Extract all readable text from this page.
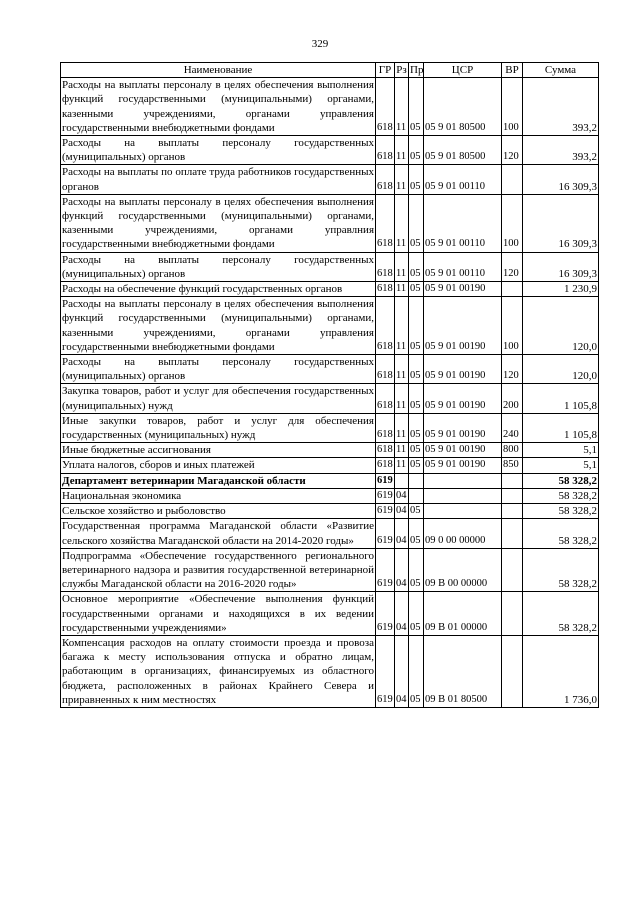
329
Наименование	ГР	Рз	Пр	ЦСР	ВР	Сумма
Расходы на выплаты персоналу в целях обеспечения выполнения функций государственными (муниципальными) органами, казенными учреждениями, органами управления государственными внебюджетными фондами	618	11	05	05 9 01 80500	100	393,2
Расходы на выплаты персоналу государственных (муниципальных) органов	618	11	05	05 9 01 80500	120	393,2
Расходы на выплаты по оплате труда работников государственных органов	618	11	05	05 9 01 00110		16 309,3
Расходы на выплаты персоналу в целях обеспечения выполнения функций государственными (муниципальными) органами, казенными учреждениями, органами управлния государственными внебюджетными фондами	618	11	05	05 9 01 00110	100	16 309,3
Расходы на выплаты персоналу государственных (муниципальных) органов	618	11	05	05 9 01 00110	120	16 309,3
Расходы на обеспечение функций государственных органов	618	11	05	05 9 01 00190		1 230,9
Расходы на выплаты персоналу в целях обеспечения выполнения функций государственными (муниципальными) органами, казенными учреждениями, органами управления государственными внебюджетными фондами	618	11	05	05 9 01 00190	100	120,0
Расходы на выплаты персоналу государственных (муниципальных) органов	618	11	05	05 9 01 00190	120	120,0
Закупка товаров, работ и услуг для обеспечения государственных (муниципальных) нужд	618	11	05	05 9 01 00190	200	1 105,8
Иные закупки товаров, работ и услуг для обеспечения государственных (муниципальных) нужд	618	11	05	05 9 01 00190	240	1 105,8
Иные бюджетные ассигнования	618	11	05	05 9 01 00190	800	5,1
Уплата налогов, сборов и иных платежей	618	11	05	05 9 01 00190	850	5,1
Департамент ветеринарии Магаданской области	619					58 328,2
Национальная экономика	619	04				58 328,2
Сельское хозяйство и рыболовство	619	04	05			58 328,2
Государственная программа Магаданской области «Развитие сельского хозяйства Магаданской области на 2014-2020 годы»	619	04	05	09 0 00 00000		58 328,2
Подпрограмма «Обеспечение государственного регионального ветеринарного надзора и развития государственной ветеринарной службы Магаданской области на 2016-2020 годы»	619	04	05	09 В 00 00000		58 328,2
Основное мероприятие «Обеспечение выполнения функций государственными органами и находящихся в их ведении государственными учреждениями»	619	04	05	09 В 01 00000		58 328,2
Компенсация расходов на оплату стоимости проезда и провоза багажа к месту использования отпуска и обратно лицам, работающим в организациях, финансируемых из областного бюджета, расположенных в районах Крайнего Севера и приравненных к ним местностях	619	04	05	09 В 01 80500		1 736,0
